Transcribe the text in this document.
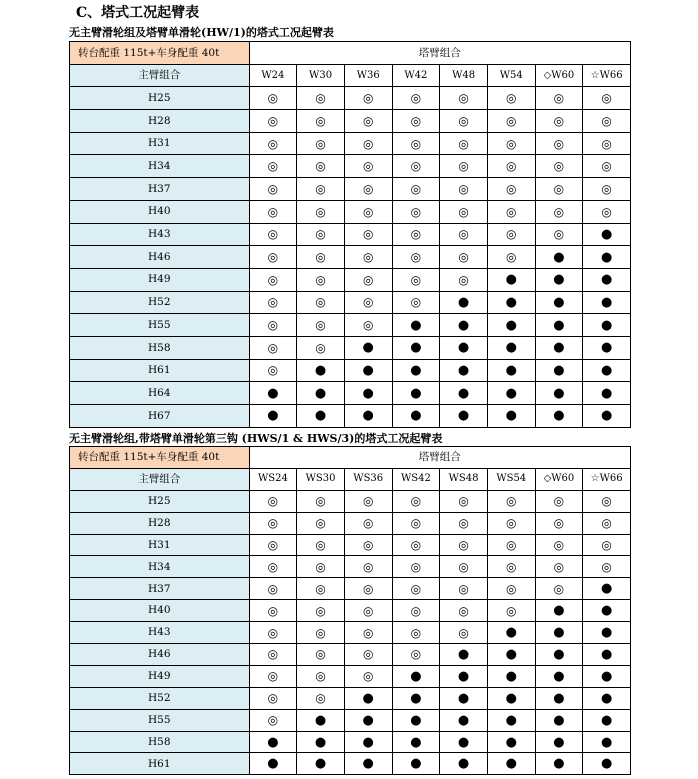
C、塔式工况起臂表
无主臂滑轮组及塔臂单滑轮(HW/1)的塔式工况起臂表
转台配重 115t+车身配重 40t	塔臂组合							
主臂组合	W24	W30	W36	W42	W48	W54	◇W60	☆W66
H25	◎	◎	◎	◎	◎	◎	◎	◎
H28	◎	◎	◎	◎	◎	◎	◎	◎
H31	◎	◎	◎	◎	◎	◎	◎	◎
H34	◎	◎	◎	◎	◎	◎	◎	◎
H37	◎	◎	◎	◎	◎	◎	◎	◎
H40	◎	◎	◎	◎	◎	◎	◎	◎
H43	◎	◎	◎	◎	◎	◎	◎	●
H46	◎	◎	◎	◎	◎	◎	●	●
H49	◎	◎	◎	◎	◎	●	●	●
H52	◎	◎	◎	◎	●	●	●	●
H55	◎	◎	◎	●	●	●	●	●
H58	◎	◎	●	●	●	●	●	●
H61	◎	●	●	●	●	●	●	●
H64	●	●	●	●	●	●	●	●
H67	●	●	●	●	●	●	●	●
无主臂滑轮组,带塔臂单滑轮第三钩 (HWS/1 & HWS/3)的塔式工况起臂表
转台配重 115t+车身配重 40t	塔臂组合							
主臂组合	WS24	WS30	WS36	WS42	WS48	WS54	◇W60	☆W66
H25	◎	◎	◎	◎	◎	◎	◎	◎
H28	◎	◎	◎	◎	◎	◎	◎	◎
H31	◎	◎	◎	◎	◎	◎	◎	◎
H34	◎	◎	◎	◎	◎	◎	◎	◎
H37	◎	◎	◎	◎	◎	◎	◎	●
H40	◎	◎	◎	◎	◎	◎	●	●
H43	◎	◎	◎	◎	◎	●	●	●
H46	◎	◎	◎	◎	●	●	●	●
H49	◎	◎	◎	●	●	●	●	●
H52	◎	◎	●	●	●	●	●	●
H55	◎	●	●	●	●	●	●	●
H58	●	●	●	●	●	●	●	●
H61	●	●	●	●	●	●	●	●
